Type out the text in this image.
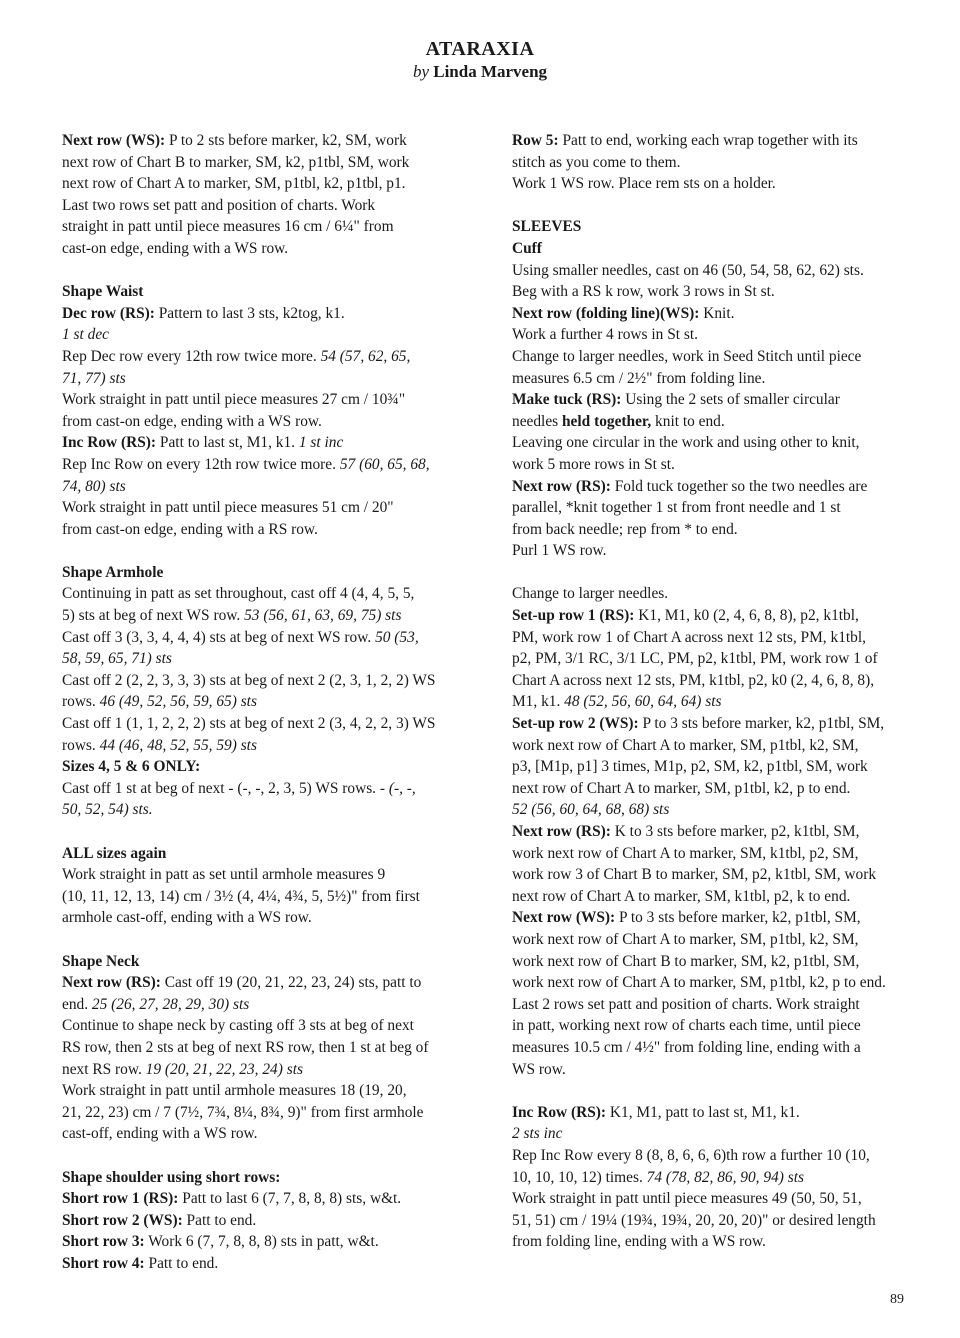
ATARAXIA
by Linda Marveng
Next row (WS): P to 2 sts before marker, k2, SM, work
next row of Chart B to marker, SM, k2, p1tbl, SM, work
next row of Chart A to marker, SM, p1tbl, k2, p1tbl, p1.
Last two rows set patt and position of charts. Work
straight in patt until piece measures 16 cm / 6¼" from
cast-on edge, ending with a WS row.
Shape Waist
Dec row (RS): Pattern to last 3 sts, k2tog, k1.
1 st dec
Rep Dec row every 12th row twice more. 54 (57, 62, 65,
71, 77) sts
Work straight in patt until piece measures 27 cm / 10¾"
from cast-on edge, ending with a WS row.
Inc Row (RS): Patt to last st, M1, k1. 1 st inc
Rep Inc Row on every 12th row twice more. 57 (60, 65, 68,
74, 80) sts
Work straight in patt until piece measures 51 cm / 20"
from cast-on edge, ending with a RS row.
Shape Armhole
Continuing in patt as set throughout, cast off 4 (4, 4, 5, 5,
5) sts at beg of next WS row. 53 (56, 61, 63, 69, 75) sts
Cast off 3 (3, 3, 4, 4, 4) sts at beg of next WS row. 50 (53,
58, 59, 65, 71) sts
Cast off 2 (2, 2, 3, 3, 3) sts at beg of next 2 (2, 3, 1, 2, 2) WS
rows. 46 (49, 52, 56, 59, 65) sts
Cast off 1 (1, 1, 2, 2, 2) sts at beg of next 2 (3, 4, 2, 2, 3) WS
rows. 44 (46, 48, 52, 55, 59) sts
Sizes 4, 5 & 6 ONLY:
Cast off 1 st at beg of next - (-, -, 2, 3, 5) WS rows. - (-, -,
50, 52, 54) sts.
ALL sizes again
Work straight in patt as set until armhole measures 9
(10, 11, 12, 13, 14) cm / 3½ (4, 4¼, 4¾, 5, 5½)" from first
armhole cast-off, ending with a WS row.
Shape Neck
Next row (RS): Cast off 19 (20, 21, 22, 23, 24) sts, patt to
end. 25 (26, 27, 28, 29, 30) sts
Continue to shape neck by casting off 3 sts at beg of next
RS row, then 2 sts at beg of next RS row, then 1 st at beg of
next RS row. 19 (20, 21, 22, 23, 24) sts
Work straight in patt until armhole measures 18 (19, 20,
21, 22, 23) cm / 7 (7½, 7¾, 8¼, 8¾, 9)" from first armhole
cast-off, ending with a WS row.
Shape shoulder using short rows:
Short row 1 (RS): Patt to last 6 (7, 7, 8, 8, 8) sts, w&t.
Short row 2 (WS): Patt to end.
Short row 3: Work 6 (7, 7, 8, 8, 8) sts in patt, w&t.
Short row 4: Patt to end.
Row 5: Patt to end, working each wrap together with its
stitch as you come to them.
Work 1 WS row. Place rem sts on a holder.
SLEEVES
Cuff
Using smaller needles, cast on 46 (50, 54, 58, 62, 62) sts.
Beg with a RS k row, work 3 rows in St st.
Next row (folding line)(WS): Knit.
Work a further 4 rows in St st.
Change to larger needles, work in Seed Stitch until piece
measures 6.5 cm / 2½" from folding line.
Make tuck (RS): Using the 2 sets of smaller circular
needles held together, knit to end.
Leaving one circular in the work and using other to knit,
work 5 more rows in St st.
Next row (RS): Fold tuck together so the two needles are
parallel, *knit together 1 st from front needle and 1 st
from back needle; rep from * to end.
Purl 1 WS row.
Change to larger needles.
Set-up row 1 (RS): K1, M1, k0 (2, 4, 6, 8, 8), p2, k1tbl,
PM, work row 1 of Chart A across next 12 sts, PM, k1tbl,
p2, PM, 3/1 RC, 3/1 LC, PM, p2, k1tbl, PM, work row 1 of
Chart A across next 12 sts, PM, k1tbl, p2, k0 (2, 4, 6, 8, 8),
M1, k1. 48 (52, 56, 60, 64, 64) sts
Set-up row 2 (WS): P to 3 sts before marker, k2, p1tbl, SM,
work next row of Chart A to marker, SM, p1tbl, k2, SM,
p3, [M1p, p1] 3 times, M1p, p2, SM, k2, p1tbl, SM, work
next row of Chart A to marker, SM, p1tbl, k2, p to end.
52 (56, 60, 64, 68, 68) sts
Next row (RS): K to 3 sts before marker, p2, k1tbl, SM,
work next row of Chart A to marker, SM, k1tbl, p2, SM,
work row 3 of Chart B to marker, SM, p2, k1tbl, SM, work
next row of Chart A to marker, SM, k1tbl, p2, k to end.
Next row (WS): P to 3 sts before marker, k2, p1tbl, SM,
work next row of Chart A to marker, SM, p1tbl, k2, SM,
work next row of Chart B to marker, SM, k2, p1tbl, SM,
work next row of Chart A to marker, SM, p1tbl, k2, p to end.
Last 2 rows set patt and position of charts. Work straight
in patt, working next row of charts each time, until piece
measures 10.5 cm / 4½" from folding line, ending with a
WS row.
Inc Row (RS): K1, M1, patt to last st, M1, k1.
2 sts inc
Rep Inc Row every 8 (8, 8, 6, 6, 6)th row a further 10 (10,
10, 10, 10, 12) times. 74 (78, 82, 86, 90, 94) sts
Work straight in patt until piece measures 49 (50, 50, 51,
51, 51) cm / 19¼ (19¾, 19¾, 20, 20, 20)" or desired length
from folding line, ending with a WS row.
89
